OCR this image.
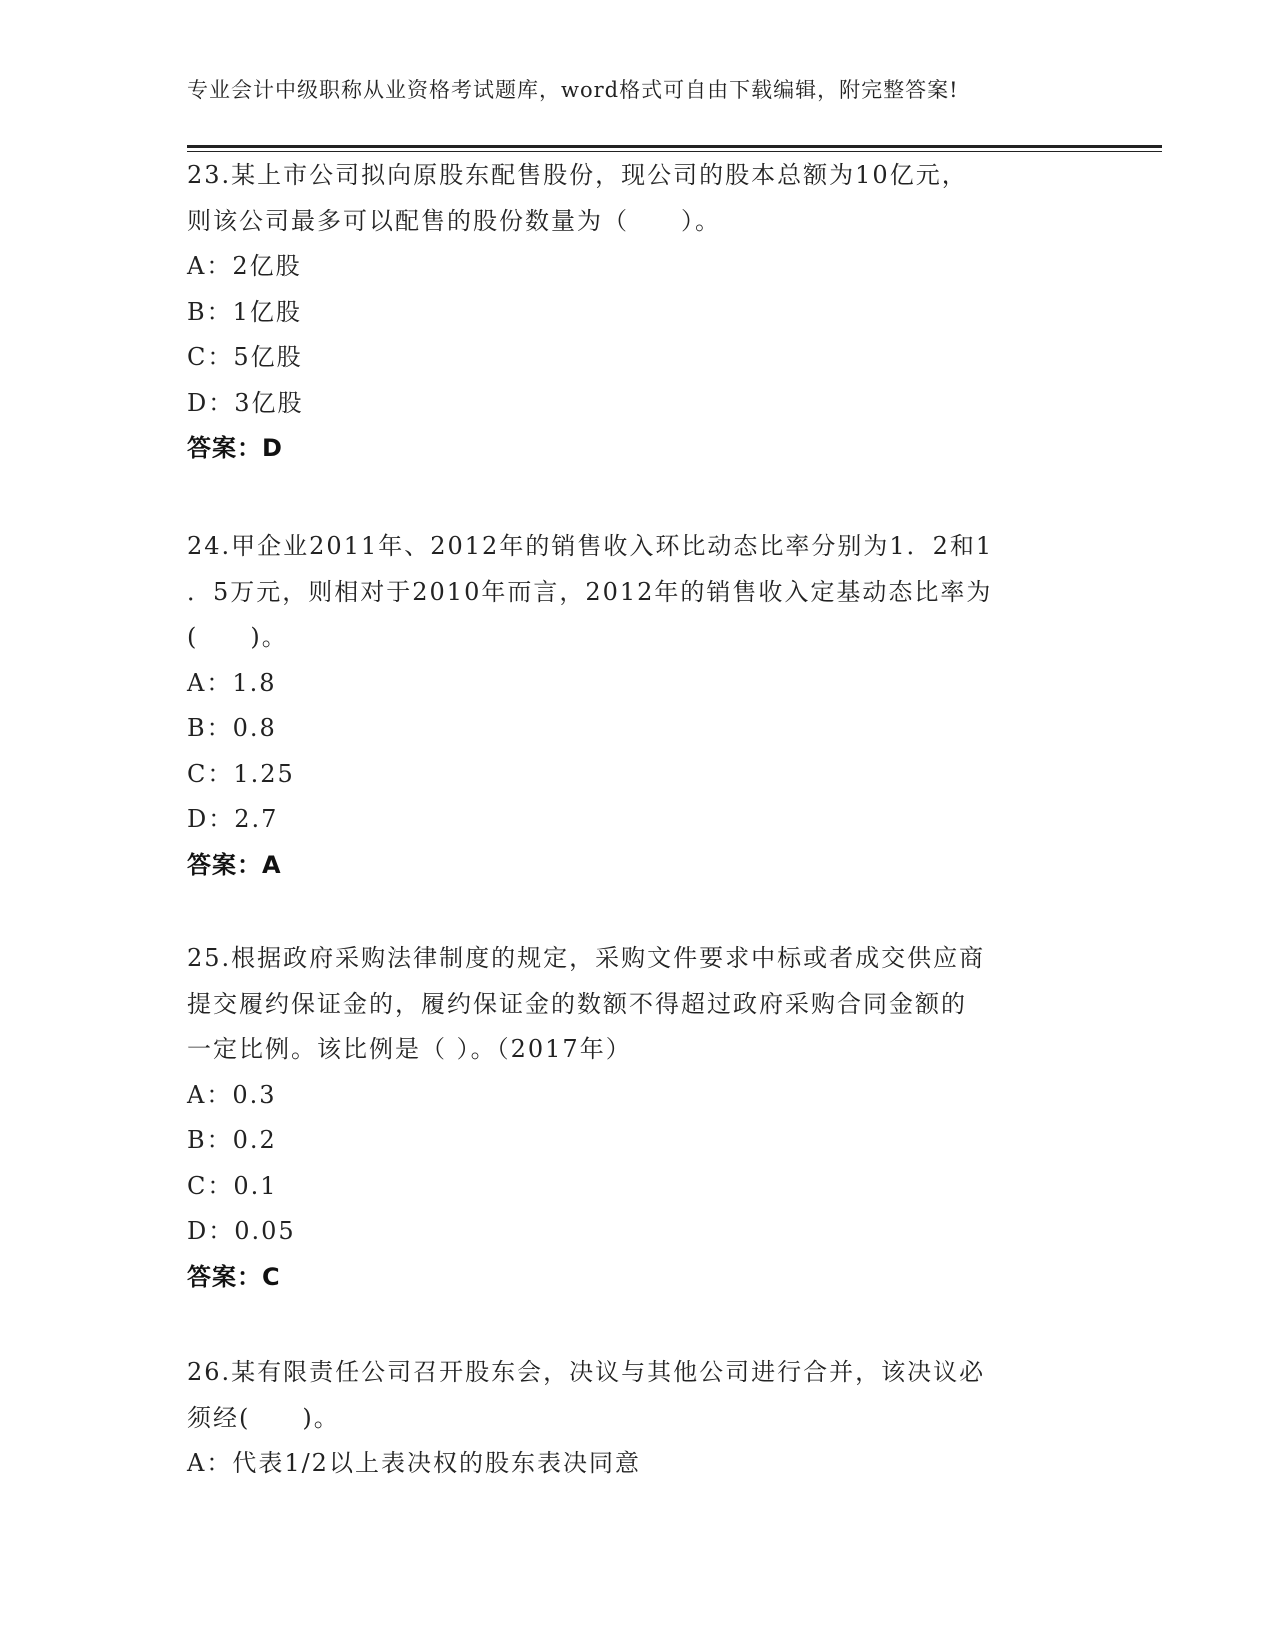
专业会计中级职称从业资格考试题库，word格式可自由下载编辑，附完整答案!
23.某上市公司拟向原股东配售股份，现公司的股本总额为10亿元，
则该公司最多可以配售的股份数量为（　　）。
A：2亿股
B：1亿股
C：5亿股
D：3亿股
答案：D
24.甲企业2011年、2012年的销售收入环比动态比率分别为1．2和1
．5万元，则相对于2010年而言，2012年的销售收入定基动态比率为
(　　)。
A：1.8
B：0.8
C：1.25
D：2.7
答案：A
25.根据政府采购法律制度的规定，采购文件要求中标或者成交供应商
提交履约保证金的，履约保证金的数额不得超过政府采购合同金额的
一定比例。该比例是（ ）。（2017年）
A：0.3
B：0.2
C：0.1
D：0.05
答案：C
26.某有限责任公司召开股东会，决议与其他公司进行合并，该决议必
须经(　　)。
A：代表1/2以上表决权的股东表决同意
